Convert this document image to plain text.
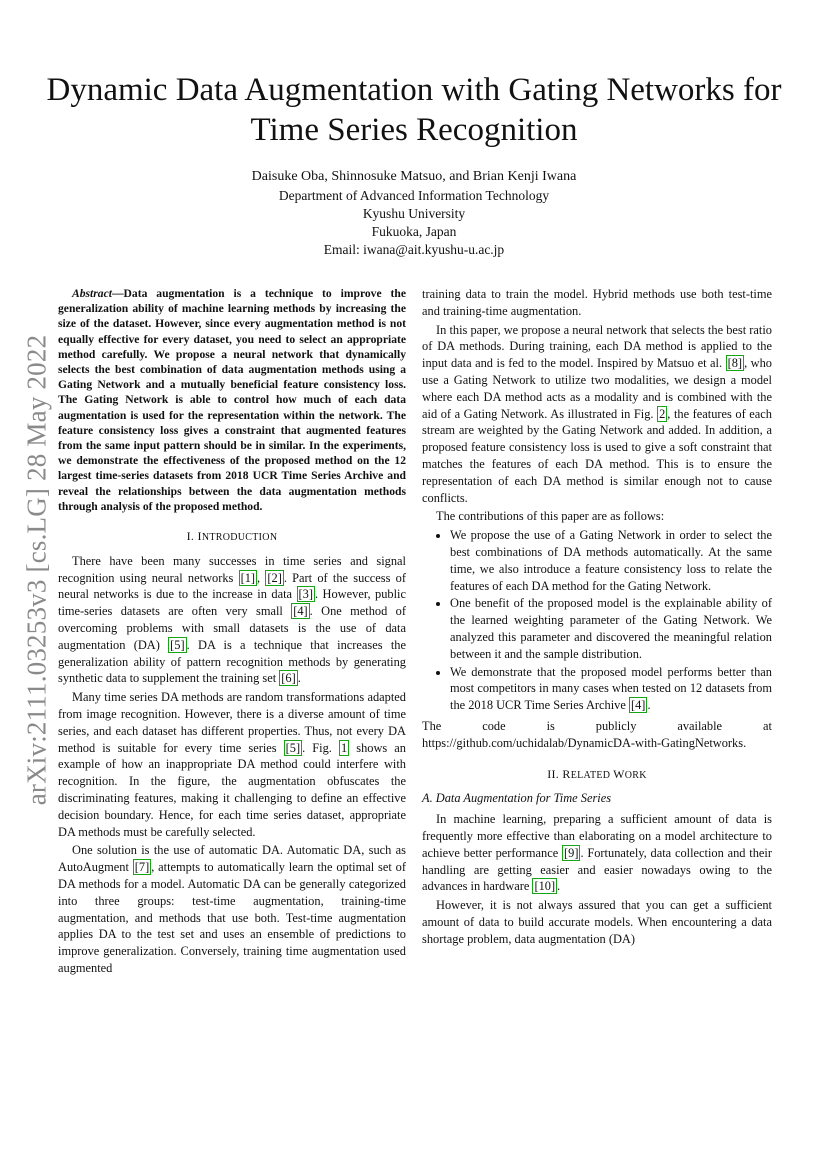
arXiv:2111.03253v3 [cs.LG] 28 May 2022
Dynamic Data Augmentation with Gating Networks for Time Series Recognition
Daisuke Oba, Shinnosuke Matsuo, and Brian Kenji Iwana
Department of Advanced Information Technology
Kyushu University
Fukuoka, Japan
Email: iwana@ait.kyushu-u.ac.jp

Abstract—Data augmentation is a technique to improve the generalization ability of machine learning methods by increasing the size of the dataset. However, since every augmentation method is not equally effective for every dataset, you need to select an appropriate method carefully. We propose a neural network that dynamically selects the best combination of data augmentation methods using a Gating Network and a mutually beneficial feature consistency loss. The Gating Network is able to control how much of each data augmentation is used for the representation within the network. The feature consistency loss gives a constraint that augmented features from the same input pattern should be in similar. In the experiments, we demonstrate the effectiveness of the proposed method on the 12 largest time-series datasets from 2018 UCR Time Series Archive and reveal the relationships between the data augmentation methods through analysis of the proposed method.

I. INTRODUCTION

There have been many successes in time series and signal recognition using neural networks [1] , [2] . Part of the success of neural networks is due to the increase in data [3] . However, public time-series datasets are often very small [4] . One method of overcoming problems with small datasets is the use of data augmentation (DA) [5] . DA is a technique that increases the generalization ability of pattern recognition methods by generating synthetic data to supplement the training set [6] .

Many time series DA methods are random transformations adapted from image recognition. However, there is a diverse amount of time series, and each dataset has different properties. Thus, not every DA method is suitable for every time series [5] . Fig. 1 shows an example of how an inappropriate DA method could interfere with recognition. In the figure, the augmentation obfuscates the discriminating features, making it challenging to define an effective decision boundary. Hence, for each time series dataset, appropriate DA methods must be carefully selected.

One solution is the use of automatic DA. Automatic DA, such as AutoAugment [7] , attempts to automatically learn the optimal set of DA methods for a model. Automatic DA can be generally categorized into three groups: test-time augmentation, training-time augmentation, and methods that use both. Test-time augmentation applies DA to the test set and uses an ensemble of predictions to improve generalization. Conversely, training time augmentation used augmented

training data to train the model. Hybrid methods use both test-time and training-time augmentation.

In this paper, we propose a neural network that selects the best ratio of DA methods. During training, each DA method is applied to the input data and is fed to the model. Inspired by Matsuo et al. [8] , who use a Gating Network to utilize two modalities, we design a model where each DA method acts as a modality and is combined with the aid of a Gating Network. As illustrated in Fig. 2 , the features of each stream are weighted by the Gating Network and added. In addition, a proposed feature consistency loss is used to give a soft constraint that matches the features of each DA method. This is to ensure the representation of each DA method is similar enough not to cause conflicts.

The contributions of this paper are as follows:

• We propose the use of a Gating Network in order to select the best combinations of DA methods automatically. At the same time, we also introduce a feature consistency loss to relate the features of each DA method for the Gating Network.
• One benefit of the proposed model is the explainable ability of the learned weighting parameter of the Gating Network. We analyzed this parameter and discovered the meaningful relation between it and the sample distribution.
• We demonstrate that the proposed model performs better than most competitors in many cases when tested on 12 datasets from the 2018 UCR Time Series Archive [4] .
The	code	is	publicly	available	at

https://github.com/uchidalab/DynamicDA-with-GatingNetworks.

II. RELATED WORK
A. Data Augmentation for Time Series

In machine learning, preparing a sufficient amount of data is frequently more effective than elaborating on a model architecture to achieve better performance [9] . Fortunately, data collection and their handling are getting easier and easier nowadays owing to the advances in hardware [10] .

However, it is not always assured that you can get a sufficient amount of data to build accurate models. When encountering a data shortage problem, data augmentation (DA)
